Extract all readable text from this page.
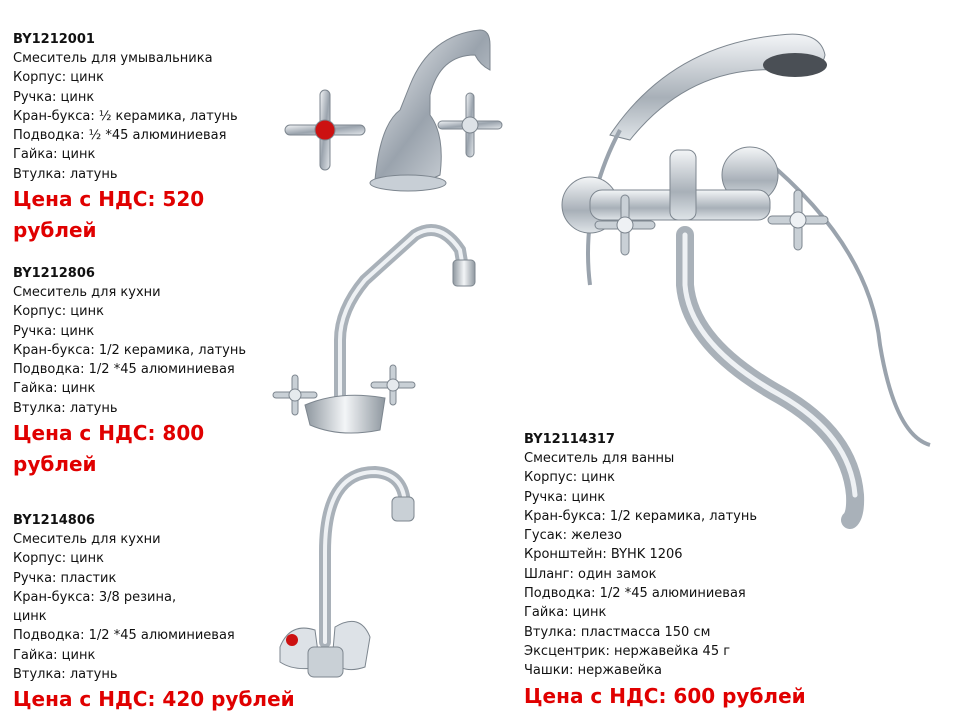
BY1212001
Смеситель для умывальника
Корпус: цинк
Ручка: цинк
Кран-букса: ½ керамика, латунь
Подводка: ½ *45 алюминиевая
Гайка: цинк
Втулка: латунь
Цена с НДС: 520
рублей
BY1212806
Смеситель для кухни
Корпус: цинк
Ручка: цинк
Кран-букса: 1/2 керамика, латунь
Подводка: 1/2 *45 алюминиевая
Гайка: цинк
Втулка: латунь
Цена с НДС: 800
рублей
BY1214806
Смеситель для кухни
Корпус: цинк
Ручка: пластик
Кран-букса: 3/8 резина,
цинк
Подводка: 1/2 *45 алюминиевая
Гайка: цинк
Втулка: латунь
Цена с НДС: 420 рублей
BY12114317
Смеситель для ванны
Корпус: цинк
Ручка: цинк
Кран-букса: 1/2 керамика, латунь
Гусак: железо
Кронштейн: BYHK 1206
Шланг: один замок
Подводка: 1/2 *45 алюминиевая
Гайка: цинк
Втулка: пластмасса 150 см
Эксцентрик: нержавейка 45 г
Чашки: нержавейка
Цена с НДС: 600 рублей
